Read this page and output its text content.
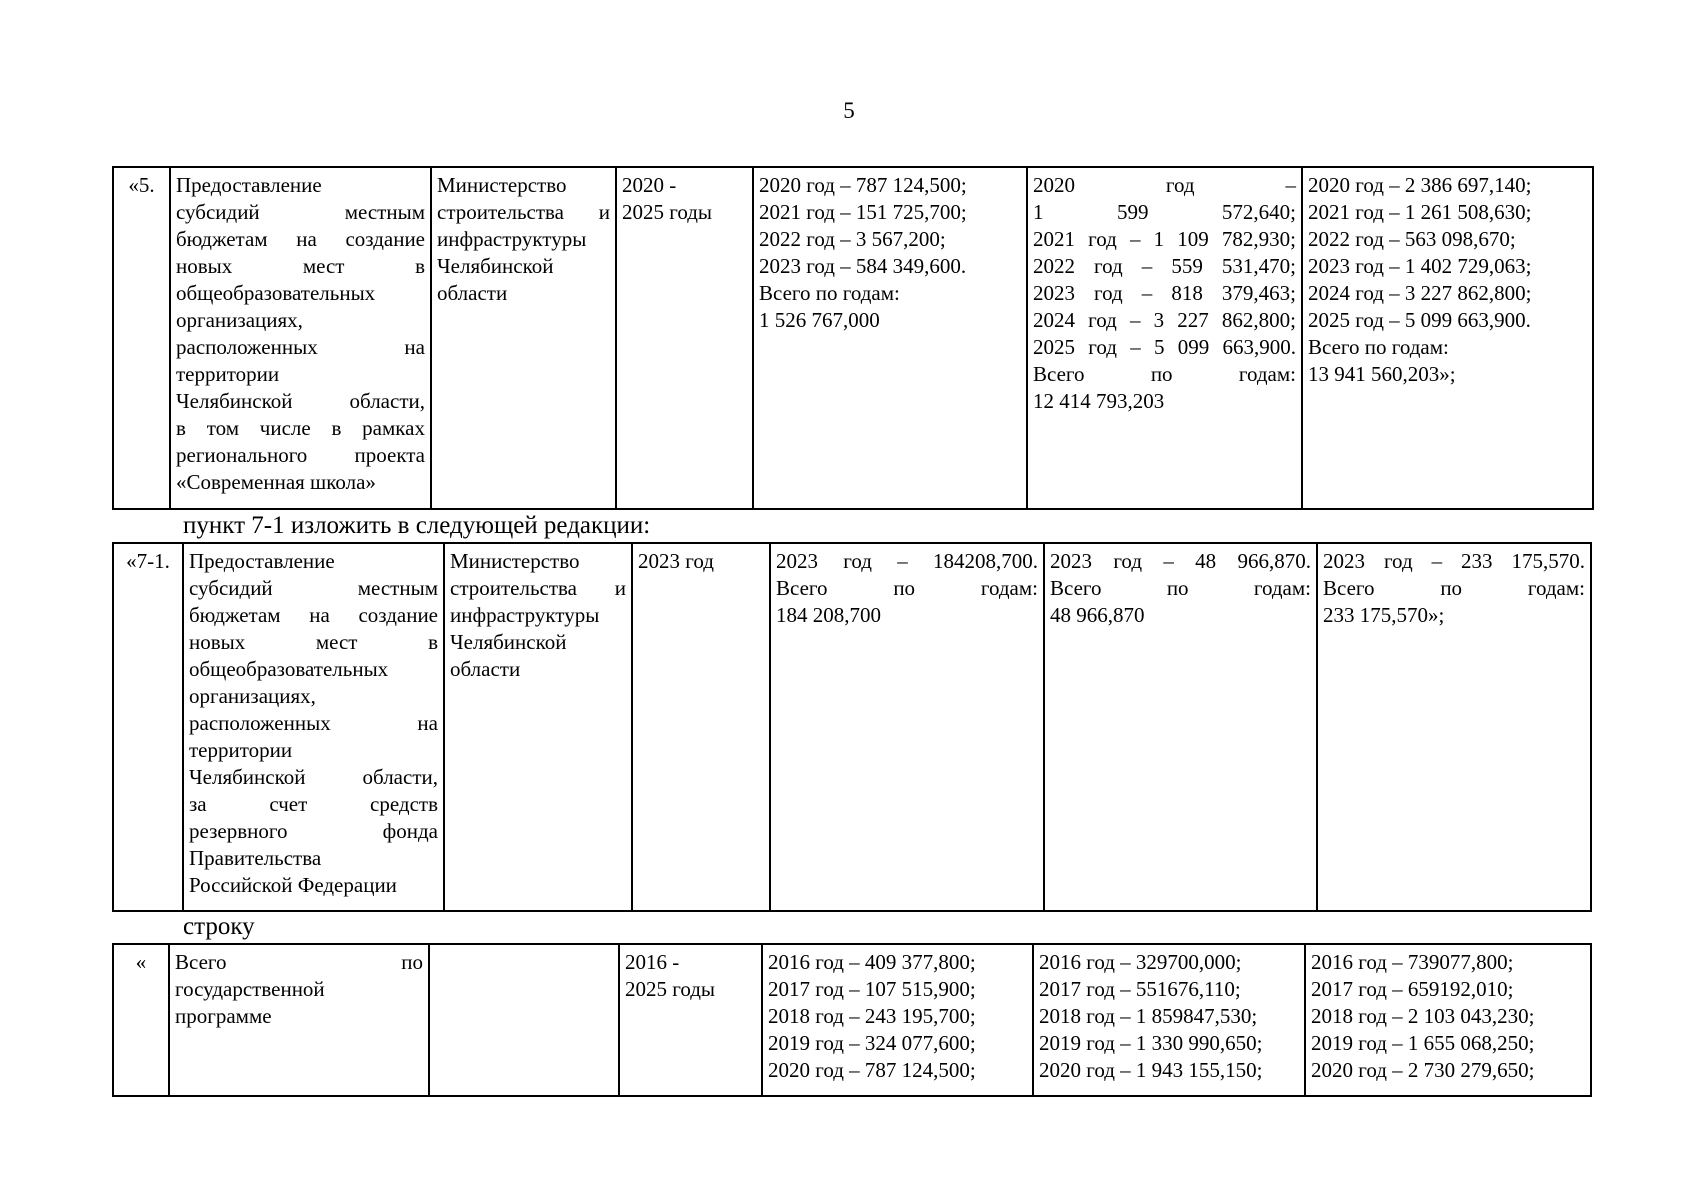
5
«5.	Предоставление
субсидий местным
бюджетам на создание
новых мест в
общеобразовательных
организациях,
расположенных на
территории
Челябинской области,
в том числе в рамках
регионального проекта
«Современная школа»

Министерство
строительства и
инфраструктуры
Челябинской
области

2020 -
2025 годы

2020 год – 787 124,500;
2021 год – 151 725,700;
2022 год – 3 567,200;
2023 год – 584 349,600.
Всего по годам:
1 526 767,000

2020 год –
1 599 572,640;
2021 год – 1 109 782,930;
2022 год – 559 531,470;
2023 год – 818 379,463;
2024 год – 3 227 862,800;
2025 год – 5 099 663,900.
Всего по годам:
12 414 793,203

2020 год – 2 386 697,140;
2021 год – 1 261 508,630;
2022 год – 563 098,670;
2023 год – 1 402 729,063;
2024 год – 3 227 862,800;
2025 год – 5 099 663,900.
Всего по годам:
13 941 560,203»;
пункт 7-1 изложить в следующей редакции:
«7-1.	Предоставление
субсидий местным
бюджетам на создание
новых мест в
общеобразовательных
организациях,
расположенных на
территории
Челябинской области,
за счет средств
резервного фонда
Правительства
Российской Федерации

Министерство
строительства и
инфраструктуры
Челябинской
области

2023 год	2023 год – 184208,700.
Всего по годам:
184 208,700

2023 год – 48 966,870.
Всего по годам:
48 966,870

2023 год – 233 175,570.
Всего по годам:
233 175,570»;
строку
«	Всего по
государственной
программе

2016 -
2025 годы

2016 год – 409 377,800;
2017 год – 107 515,900;
2018 год – 243 195,700;
2019 год – 324 077,600;
2020 год – 787 124,500;

2016 год – 329700,000;
2017 год – 551676,110;
2018 год – 1 859847,530;
2019 год – 1 330 990,650;
2020 год – 1 943 155,150;

2016 год – 739077,800;
2017 год – 659192,010;
2018 год – 2 103 043,230;
2019 год – 1 655 068,250;
2020 год – 2 730 279,650;
